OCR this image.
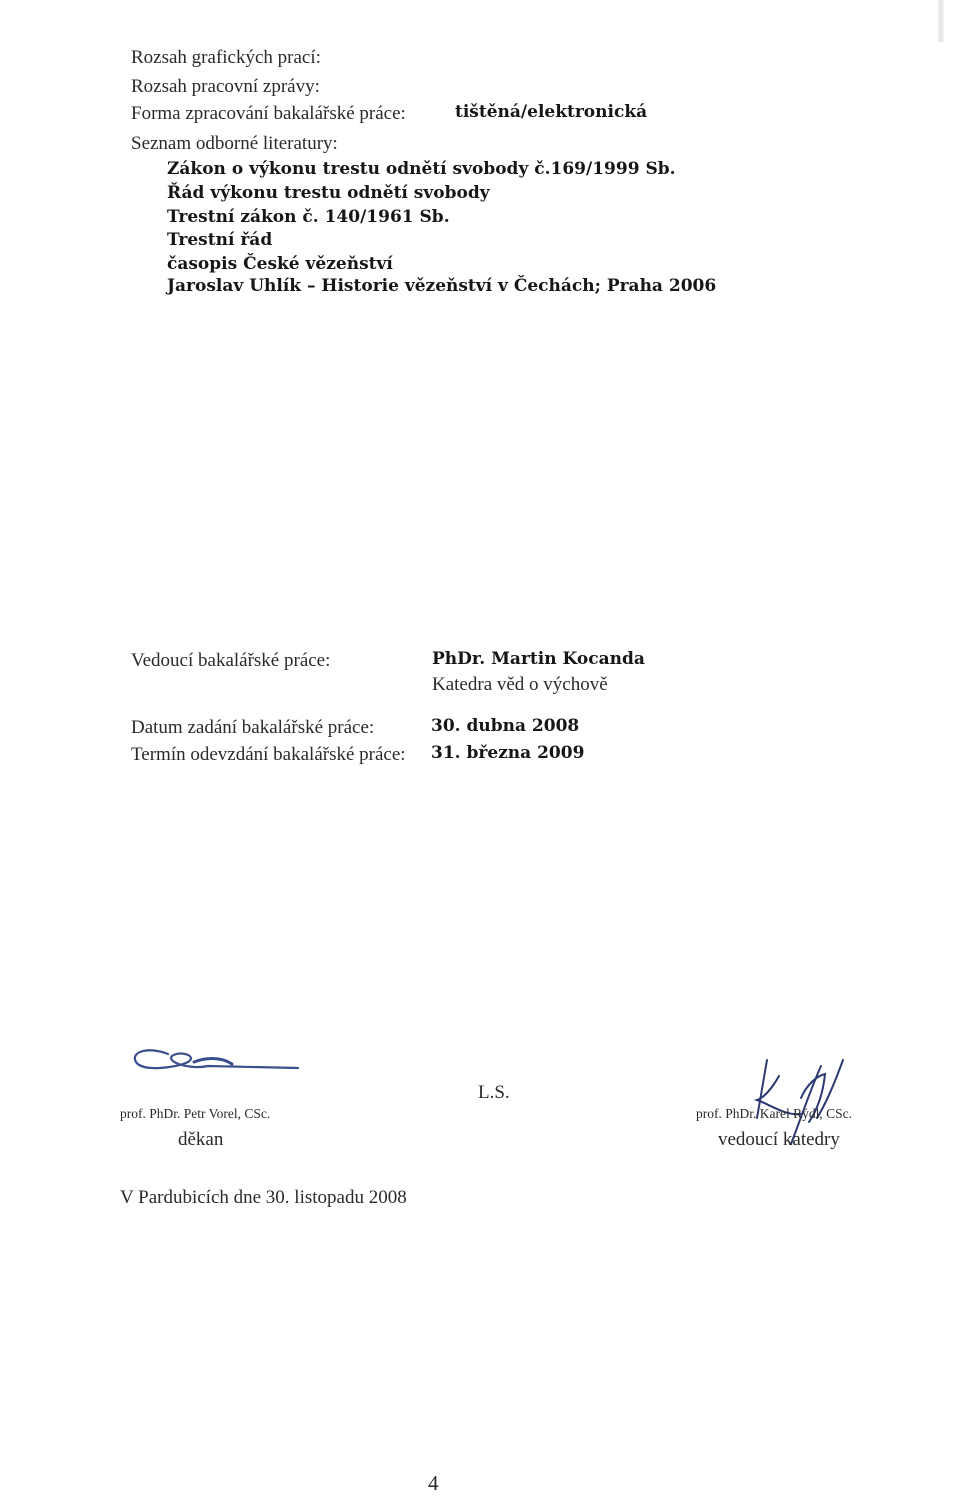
Rozsah grafických prací:
Rozsah pracovní zprávy:
Forma zpracování bakalářské práce:	tištěná/elektronická
Seznam odborné literatury:
Zákon o výkonu trestu odnětí svobody č.169/1999 Sb.
Řád výkonu trestu odnětí svobody
Trestní zákon č. 140/1961 Sb.
Trestní řád
časopis České vězeňství
Jaroslav Uhlík – Historie vězeňství v Čechách; Praha 2006
Vedoucí bakalářské práce:	PhDr. Martin Kocanda
Katedra věd o výchově
Datum zadání bakalářské práce:	30. dubna 2008
Termín odevzdání bakalářské práce: 31. března 2009
prof. PhDr. Petr Vorel, CSc.
děkan
L.S.
prof. PhDr. Karel Rýdl, CSc.
vedoucí katedry
V Pardubicích dne 30. listopadu 2008
4
